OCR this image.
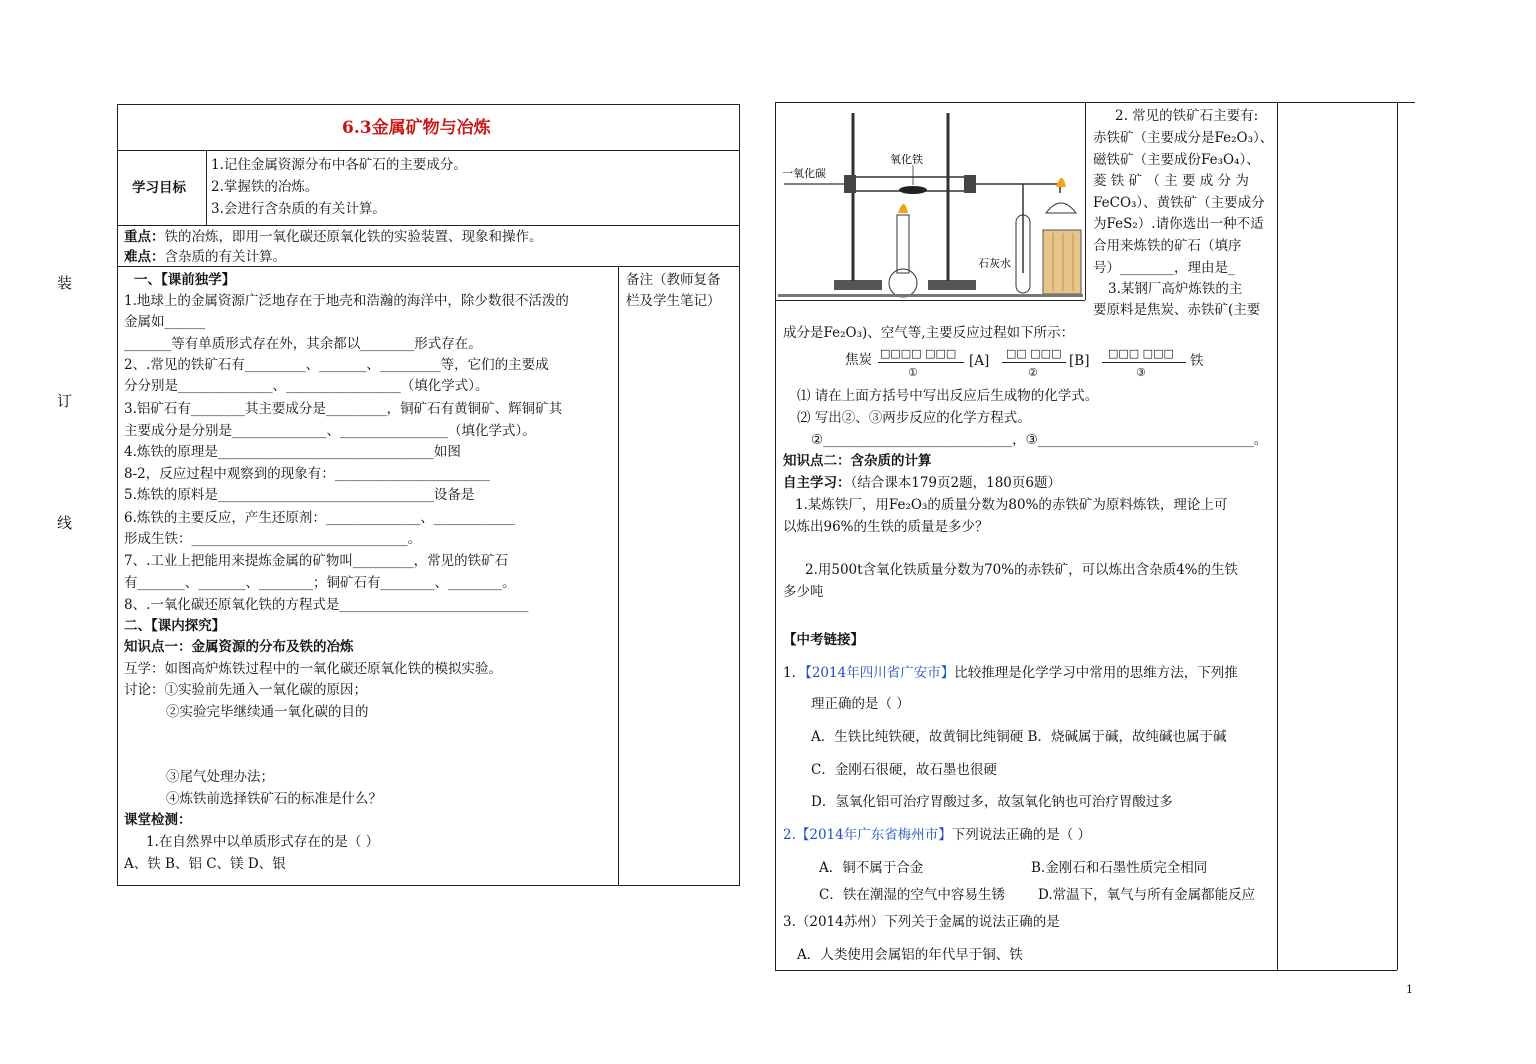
装
订
线
6.3金属矿物与冶炼
学习目标
1.记住金属资源分布中各矿石的主要成分。
2.掌握铁的冶炼。
3.会进行含杂质的有关计算。
重点：铁的冶炼，即用一氧化碳还原氧化铁的实验装置、现象和操作。
难点：含杂质的有关计算。
备注（教师复备
栏及学生笔记）
一、【课前独学】
1.地球上的金属资源广泛地存在于地壳和浩瀚的海洋中，除少数很不活泼的
金属如______
_______等有单质形式存在外，其余都以________形式存在。
2、.常见的铁矿石有_________、_______、_________等，它们的主要成
分分别是______________、_________________（填化学式）。
3.铝矿石有________其主要成分是_________，铜矿石有黄铜矿、辉铜矿其
主要成分是分别是______________、________________（填化学式）。
4.炼铁的原理是________________________________如图
8-2，反应过程中观察到的现象有：_______________________
5.炼铁的原料是________________________________设备是
6.炼铁的主要反应，产生还原剂：______________、____________
形成生铁：________________________________。
7、.工业上把能用来提炼金属的矿物叫_________，常见的铁矿石
有_______、_______、________；铜矿石有________、________。
8、.一氧化碳还原氧化铁的方程式是____________________________
二、【课内探究】
知识点一：金属资源的分布及铁的冶炼
互学：如图高炉炼铁过程中的一氧化碳还原氧化铁的模拟实验。
讨论：①实验前先通入一氧化碳的原因；
②实验完毕继续通一氧化碳的目的
③尾气处理办法；
④炼铁前选择铁矿石的标准是什么？
课堂检测：
1.在自然界中以单质形式存在的是（ ）
A、铁 B、铝 C、镁 D、银
一氧化碳
氧化铁
石灰水
2. 常见的铁矿石主要有:
赤铁矿（主要成分是Fe₂O₃）、
磁铁矿（主要成份Fe₃O₄）、
菱 铁 矿 （ 主 要 成 分 为
FeCO₃）、黄铁矿（主要成分
为FeS₂）.请你选出一种不适
合用来炼铁的矿石（填序
号）________，理由是_
3.某钢厂高炉炼铁的主
要原料是焦炭、赤铁矿(主要
成分是Fe₂O₃)、空气等,主要反应过程如下所示：
焦炭 □□□□ □□□
①
[A] □□ □□□
②
[B] □□□ □□□
③
铁
⑴ 请在上面方括号中写出反应后生成物的化学式。
⑵ 写出②、③两步反应的化学方程式。
②____________________________，③________________________________。
知识点二：含杂质的计算
自主学习：（结合课本179页2题，180页6题）
1.某炼铁厂，用Fe₂O₃的质量分数为80%的赤铁矿为原料炼铁，理论上可
以炼出96%的生铁的质量是多少？
2.用500t含氧化铁质量分数为70%的赤铁矿，可以炼出含杂质4%的生铁
多少吨
【中考链接】
1．【2014年四川省广安市】比较推理是化学学习中常用的思维方法，下列推
理正确的是（ ）
A．生铁比纯铁硬，故黄铜比纯铜硬 B．烧碱属于碱，故纯碱也属于碱
C．金刚石很硬，故石墨也很硬
D．氢氧化铝可治疗胃酸过多，故氢氧化钠也可治疗胃酸过多
2.【2014年广东省梅州市】下列说法正确的是（ ）
A．铜不属于合金	B.金刚石和石墨性质完全相同
C．铁在潮湿的空气中容易生锈 D.常温下，氧气与所有金属都能反应
3.（2014苏州）下列关于金属的说法正确的是
A．人类使用会属铝的年代早于铜、铁
1
